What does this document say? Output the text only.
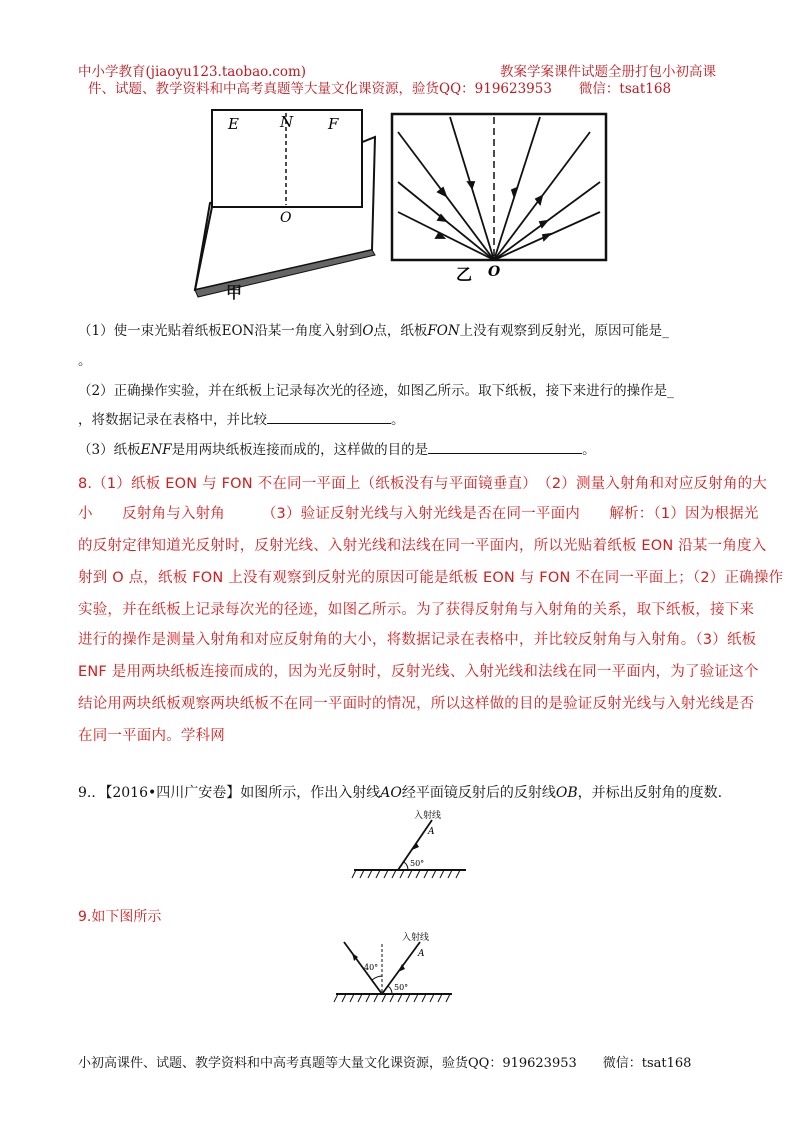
中小学教育(jiaoyu123.taobao.com)	教案学案课件试题全册打包小初高课
件、试题、教学资料和中高考真题等大量文化课资源，验货QQ：919623953　　微信：tsat168
E	N F
O
甲
乙 O
（1）使一束光贴着纸板EON沿某一角度入射到O点，纸板FON上没有观察到反射光，原因可能是_
。
（2）正确操作实验，并在纸板上记录每次光的径迹，如图乙所示。取下纸板，接下来进行的操作是_
，将数据记录在表格中，并比较	。
（3）纸板ENF是用两块纸板连接而成的，这样做的目的是	。
8.（1）纸板 EON 与 FON 不在同一平面上（纸板没有与平面镜垂直）　（2）测量入射角和对应反射角的大
小　　反射角与入射角　　　（3）验证反射光线与入射光线是否在同一平面内　　解析：（1）因为根据光
的反射定律知道光反射时，反射光线、入射光线和法线在同一平面内，所以光贴着纸板 EON 沿某一角度入
射到 O 点，纸板 FON 上没有观察到反射光的原因可能是纸板 EON 与 FON 不在同一平面上；（2）正确操作
实验，并在纸板上记录每次光的径迹，如图乙所示。为了获得反射角与入射角的关系，取下纸板，接下来
进行的操作是测量入射角和对应反射角的大小，将数据记录在表格中，并比较反射角与入射角。（3）纸板
ENF 是用两块纸板连接而成的，因为光反射时，反射光线、入射光线和法线在同一平面内，为了验证这个
结论用两块纸板观察两块纸板不在同一平面时的情况，所以这样做的目的是验证反射光线与入射光线是否
在同一平面内。学科网
9.．【2016•四川广安卷】如图所示，作出入射线AO经平面镜反射后的反射线OB，并标出反射角的度数.
入射线
A
50°
9.如下图所示
入射线
A
40°
50°
小初高课件、试题、教学资料和中高考真题等大量文化课资源，验货QQ：919623953　　微信：tsat168
